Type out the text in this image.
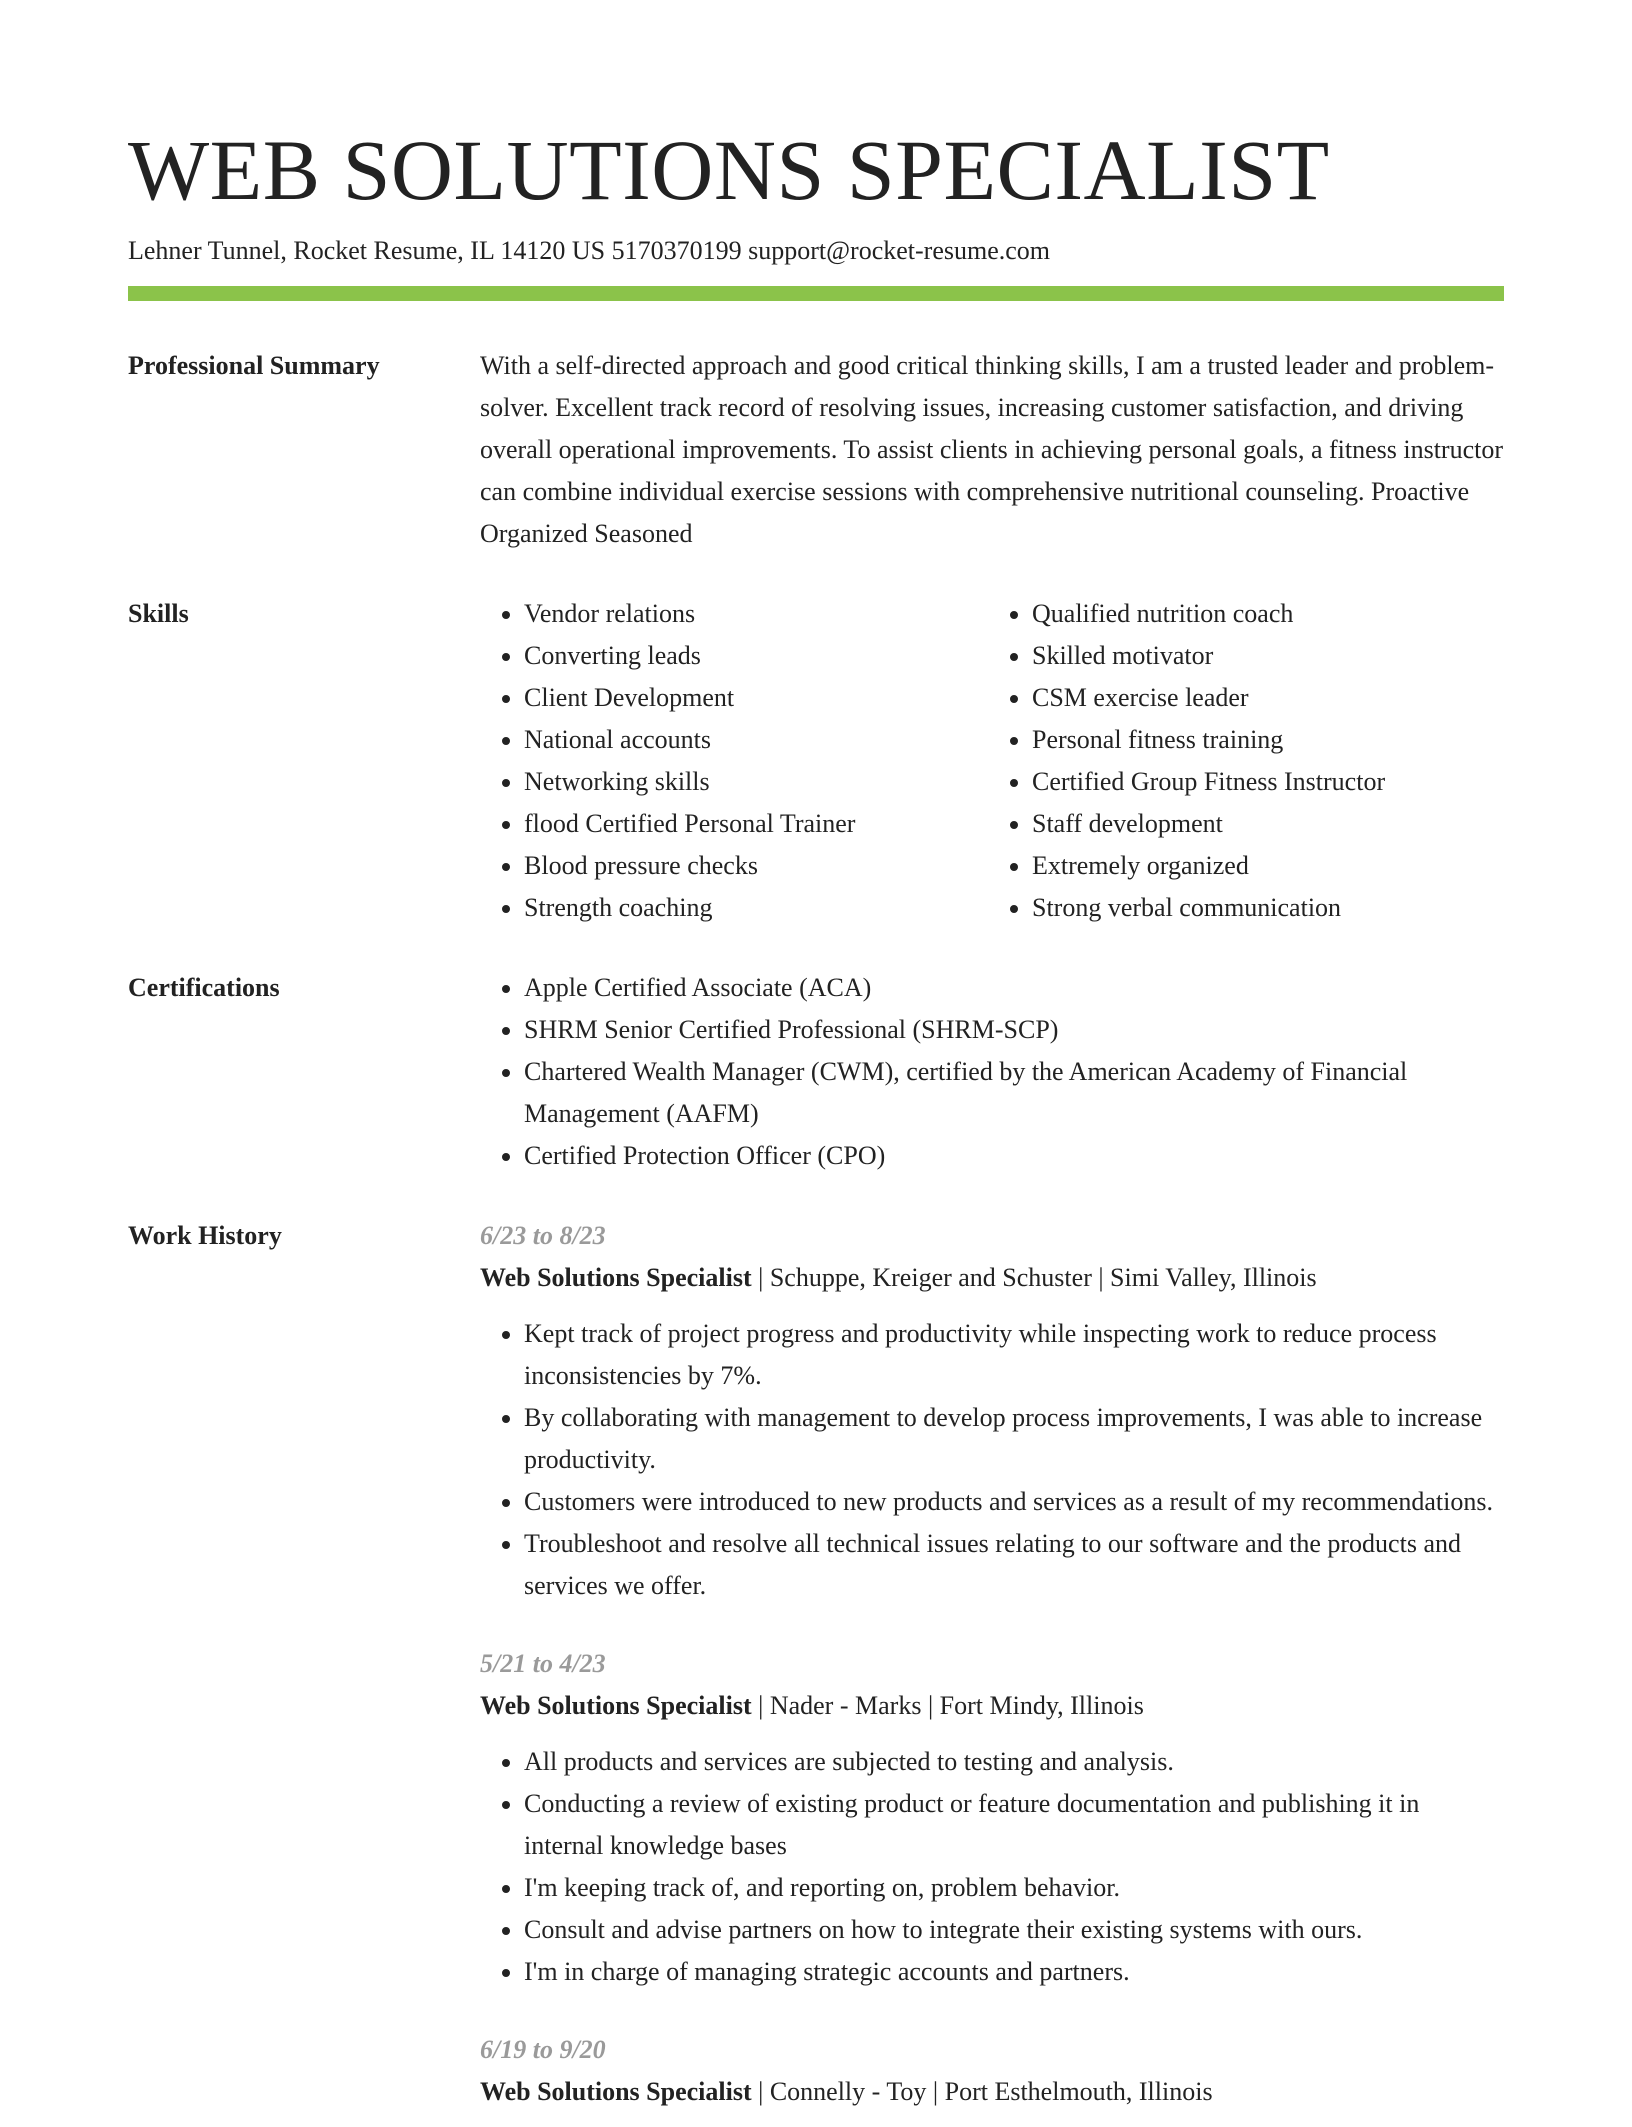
WEB SOLUTIONS SPECIALIST
Lehner Tunnel, Rocket Resume, IL 14120 US 5170370199 support@rocket-resume.com
Professional Summary	With a self-directed approach and good critical thinking skills, I am a trusted leader and problem-solver. Excellent track record of resolving issues, increasing customer satisfaction, and driving overall operational improvements. To assist clients in achieving personal goals, a fitness instructor can combine individual exercise sessions with comprehensive nutritional counseling. Proactive Organized Seasoned

Skills	• Vendor relations
• Converting leads
• Client Development
• National accounts
• Networking skills
• flood Certified Personal Trainer
• Blood pressure checks
• Strength coaching
• Qualified nutrition coach
• Skilled motivator
• CSM exercise leader
• Personal fitness training
• Certified Group Fitness Instructor
• Staff development
• Extremely organized
• Strong verbal communication
Certifications	• Apple Certified Associate (ACA)
• SHRM Senior Certified Professional (SHRM-SCP)
• Chartered Wealth Manager (CWM), certified by the American Academy of Financial Management (AAFM)
• Certified Protection Officer (CPO)
Work History	6/23 to 8/23
Web Solutions Specialist | Schuppe, Kreiger and Schuster | Simi Valley, Illinois
• Kept track of project progress and productivity while inspecting work to reduce process inconsistencies by 7%.
• By collaborating with management to develop process improvements, I was able to increase productivity.
• Customers were introduced to new products and services as a result of my recommendations.
• Troubleshoot and resolve all technical issues relating to our software and the products and services we offer.
5/21 to 4/23
Web Solutions Specialist | Nader - Marks | Fort Mindy, Illinois
• All products and services are subjected to testing and analysis.
• Conducting a review of existing product or feature documentation and publishing it in internal knowledge bases
• I'm keeping track of, and reporting on, problem behavior.
• Consult and advise partners on how to integrate their existing systems with ours.
• I'm in charge of managing strategic accounts and partners.
6/19 to 9/20
Web Solutions Specialist | Connelly - Toy | Port Esthelmouth, Illinois
